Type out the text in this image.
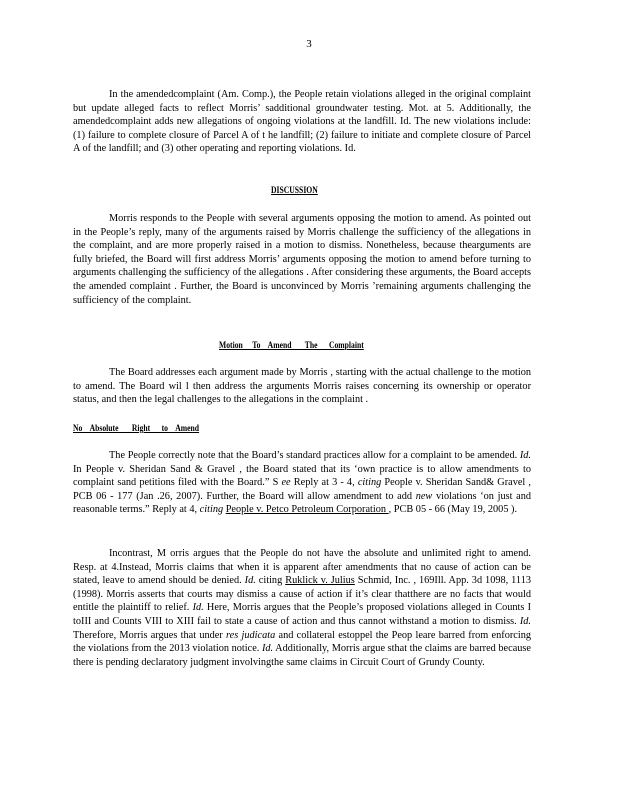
3

In the amendedcomplaint (Am. Comp.), the People retain violations alleged in the original complaint but update alleged facts to reflect Morris’ sadditional groundwater testing. Mot. at 5. Additionally, the amendedcomplaint adds new allegations of ongoing violations at the landfill. Id. The new violations include: (1) failure to complete closure of Parcel A of t he landfill; (2) failure to initiate and complete closure of Parcel A of the landfill; and (3) other operating and reporting violations. Id.

DISCUSSION

Morris responds to the People with several arguments opposing the motion to amend. As pointed out in the People’s reply, many of the arguments raised by Morris challenge the sufficiency of the allegations in the complaint, and are more properly raised in a motion to dismiss. Nonetheless, because thearguments are fully briefed, the Board will first address Morris’ arguments opposing the motion to amend before turning to arguments challenging the sufficiency of the allegations . After considering these arguments, the Board accepts the amended complaint . Further, the Board is unconvinced by Morris ’remaining arguments challenging the sufficiency of the complaint.

Motion     To    Amend       The      Complaint

The Board addresses each argument made by Morris , starting with the actual challenge to the motion to amend. The Board wil l then address the arguments Morris raises concerning its ownership or operator status, and then the legal challenges to the allegations in the complaint .

No    Absolute       Right      to    Amend

The People correctly note that the Board’s standard practices allow for a complaint to be amended. Id. In People v. Sheridan Sand & Gravel , the Board stated that its ‘own practice is to allow amendments to complaint sand petitions filed with the Board.” S ee Reply at 3 - 4, citing People v. Sheridan Sand& Gravel , PCB 06 - 177 (Jan .26, 2007). Further, the Board will allow amendment to add new violations ‘on just and reasonable terms.” Reply at 4, citing People v. Petco Petroleum Corporation , PCB 05 - 66 (May 19, 2005 ).

Incontrast, M orris argues that the People do not have the absolute and unlimited right to amend. Resp. at 4.Instead, Morris claims that when it is apparent after amendments that no cause of action can be stated, leave to amend should be denied. Id. citing Ruklick v. Julius Schmid, Inc. , 169Ill. App. 3d 1098, 1113 (1998). Morris asserts that courts may dismiss a cause of action if it’s clear thatthere are no facts that would entitle the plaintiff to relief. Id. Here, Morris argues that the People’s proposed violations alleged in Counts I toIII and Counts VIII to XIII fail to state a cause of action and thus cannot withstand a motion to dismiss. Id. Therefore, Morris argues that under res judicata and collateral estoppel the Peop leare barred from enforcing the violations from the 2013 violation notice. Id. Additionally, Morris argue sthat the claims are barred because there is pending declaratory judgment involvingthe same claims in Circuit Court of Grundy County.
